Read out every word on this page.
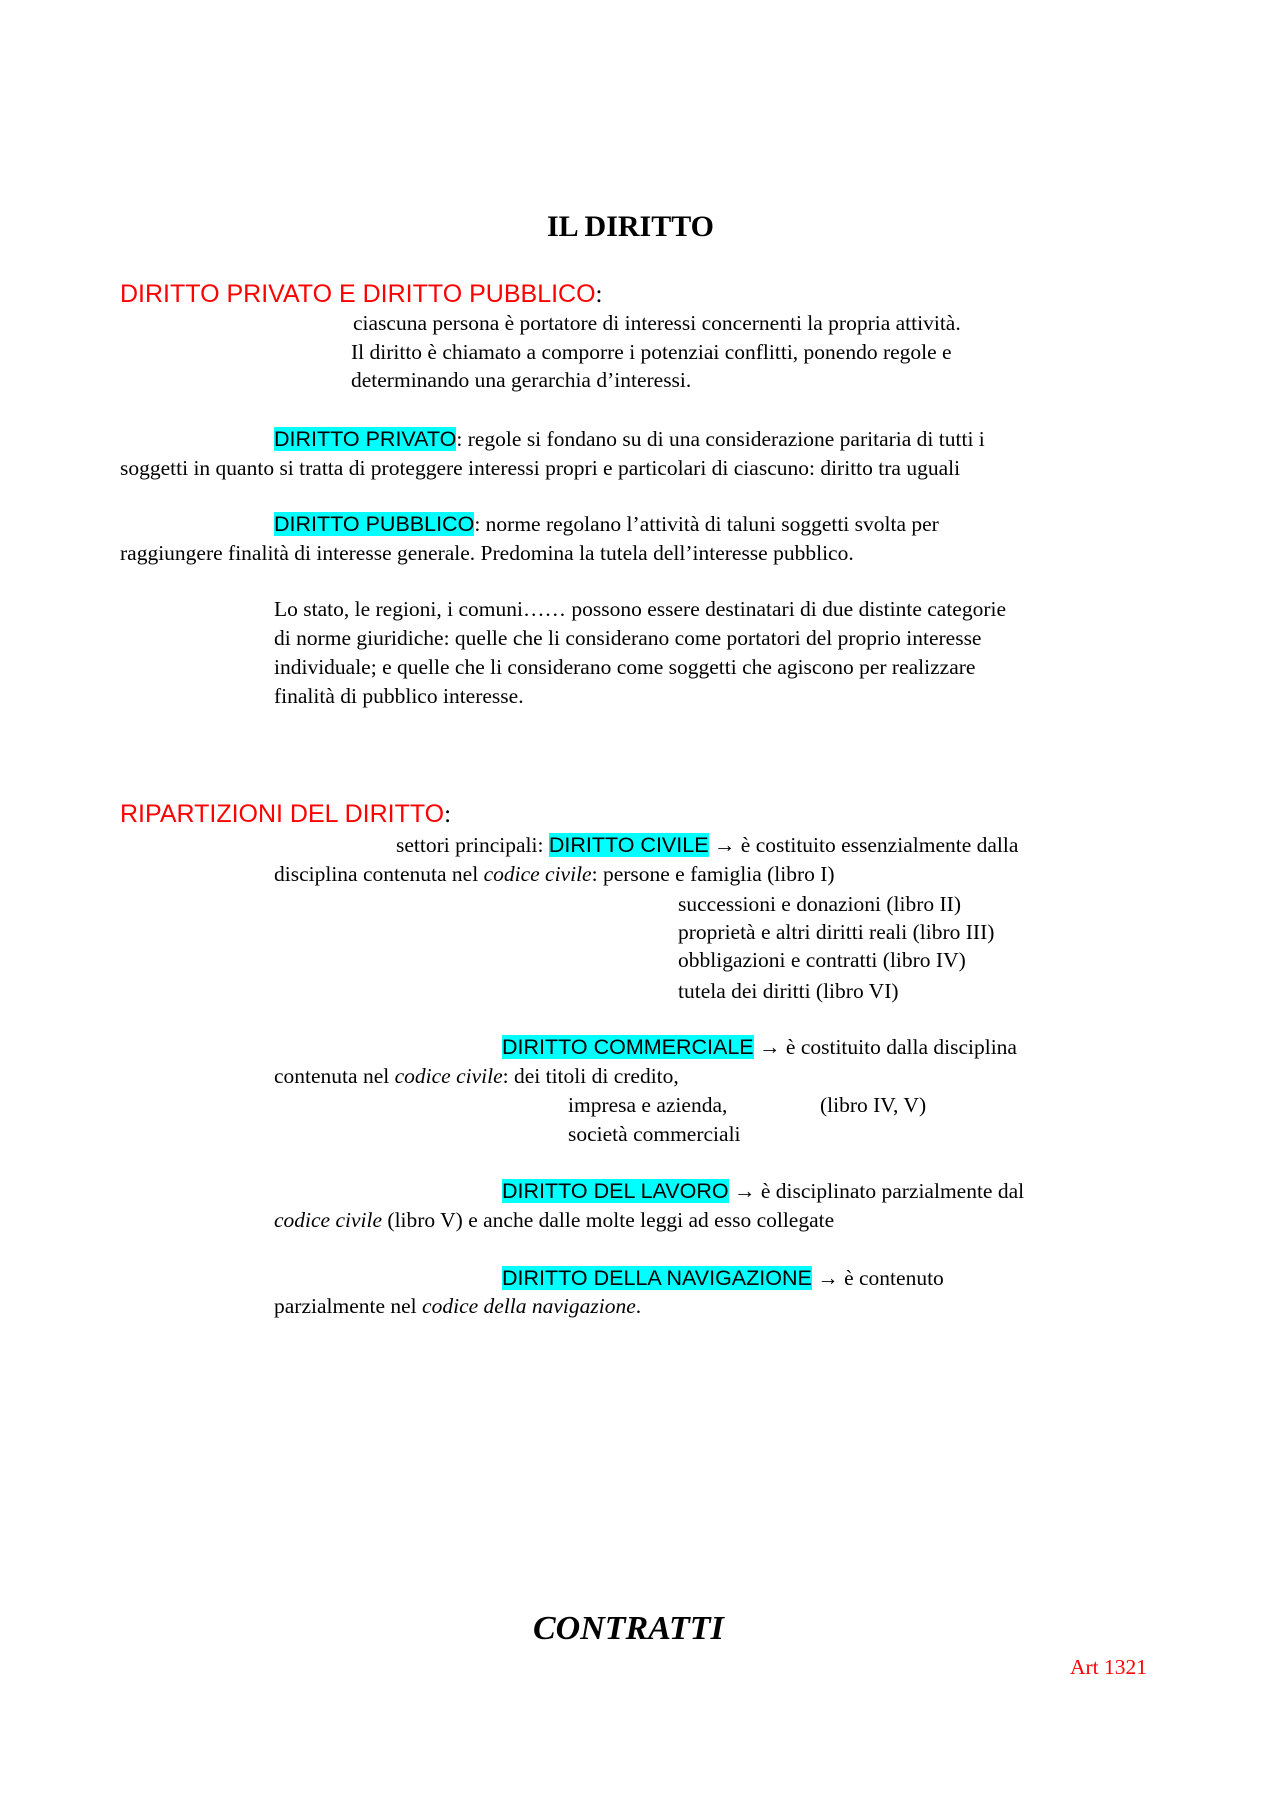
IL DIRITTO
DIRITTO PRIVATO E DIRITTO PUBBLICO:
ciascuna persona è portatore di interessi concernenti la propria attività.
Il diritto è chiamato a comporre i potenziai conflitti, ponendo regole e
determinando una gerarchia d’interessi.
DIRITTO PRIVATO: regole si fondano su di una considerazione paritaria di tutti i
soggetti in quanto si tratta di proteggere interessi propri e particolari di ciascuno: diritto tra uguali
DIRITTO PUBBLICO: norme regolano l’attività di taluni soggetti svolta per
raggiungere finalità di interesse generale. Predomina la tutela dell’interesse pubblico.
Lo stato, le regioni, i comuni…… possono essere destinatari di due distinte categorie
di norme giuridiche: quelle che li considerano come portatori del proprio interesse
individuale; e quelle che li considerano come soggetti che agiscono per realizzare
finalità di pubblico interesse.
RIPARTIZIONI DEL DIRITTO:
settori principali: DIRITTO CIVILE → è costituito essenzialmente dalla
disciplina contenuta nel codice civile: persone e famiglia (libro I)
successioni e donazioni (libro II)
proprietà e altri diritti reali (libro III)
obbligazioni e contratti (libro IV)
tutela dei diritti (libro VI)
DIRITTO COMMERCIALE → è costituito dalla disciplina
contenuta nel codice civile: dei titoli di credito,
impresa e azienda,	(libro IV, V)
società commerciali
DIRITTO DEL LAVORO → è disciplinato parzialmente dal
codice civile (libro V) e anche dalle molte leggi ad esso collegate
DIRITTO DELLA NAVIGAZIONE → è contenuto
parzialmente nel codice della navigazione.
CONTRATTI
Art 1321
